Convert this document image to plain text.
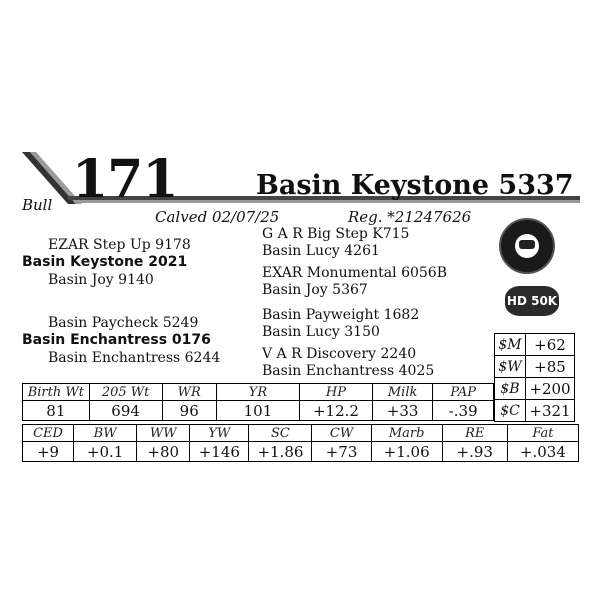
171	Basin Keystone 5337
Bull
Calved 02/07/25	Reg. *21247626
EZAR Step Up 9178
Basin Keystone 2021
Basin Joy 9140
Basin Paycheck 5249
Basin Enchantress 0176
Basin Enchantress 6244
G A R Big Step K715
Basin Lucy 4261
EXAR Monumental 6056B
Basin Joy 5367
Basin Payweight 1682
Basin Lucy 3150
V A R Discovery 2240
Basin Enchantress 4025
HD 50K
Birth Wt	205 Wt	WR	YR	HP	Milk	PAP
81	694	96	101	+12.2	+33	-.39
$M	+62
$W	+85
$B	+200
$C	+321
CED	BW	WW	YW	SC	CW	Marb	RE	Fat
+9	+0.1	+80	+146	+1.86	+73	+1.06	+.93	+.034
